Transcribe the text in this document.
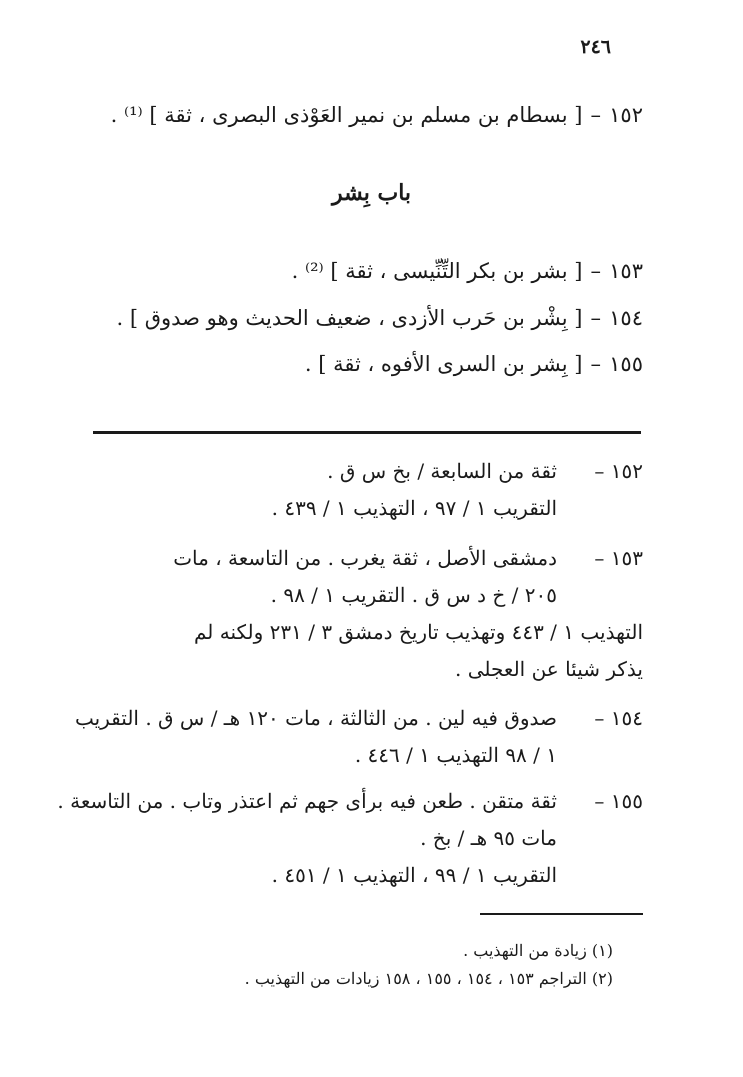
٢٤٦
١٥٢–[ بسطام بن مسلم بن نمير العَوْذى البصرى ، ثقة ] ⁽¹⁾ .
باب بِشر
١٥٣–[ بشر بن بكر التِّنِّيسى ، ثقة ] ⁽²⁾ .
١٥٤–[ بِشْر بن حَرب الأزدى ، ضعيف الحديث وهو صدوق ] .
١٥٥–[ بِشر بن السرى الأفوه ، ثقة ] .
١٥٢ –ثقة من السابعة / بخ س ق .
التقريب ١ / ٩٧ ، التهذيب ١ / ٤٣٩ .
١٥٣ –دمشقى الأصل ، ثقة يغرب . من التاسعة ، مات
٢٠٥ / خ د س ق . التقريب ١ / ٩٨ .
التهذيب ١ / ٤٤٣ وتهذيب تاريخ دمشق ٣ / ٢٣١ ولكنه لم
يذكر شيئا عن العجلى .
١٥٤ –صدوق فيه لين . من الثالثة ، مات ١٢٠ هـ / س ق . التقريب
١ / ٩٨ التهذيب ١ / ٤٤٦ .
١٥٥ –ثقة متقن . طعن فيه برأى جهم ثم اعتذر وتاب . من التاسعة .
مات ٩٥ هـ / بخ .
التقريب ١ / ٩٩ ، التهذيب ١ / ٤٥١ .
(١) زيادة من التهذيب .
(٢) التراجم ١٥٣ ، ١٥٤ ، ١٥٥ ، ١٥٨ زيادات من التهذيب .
